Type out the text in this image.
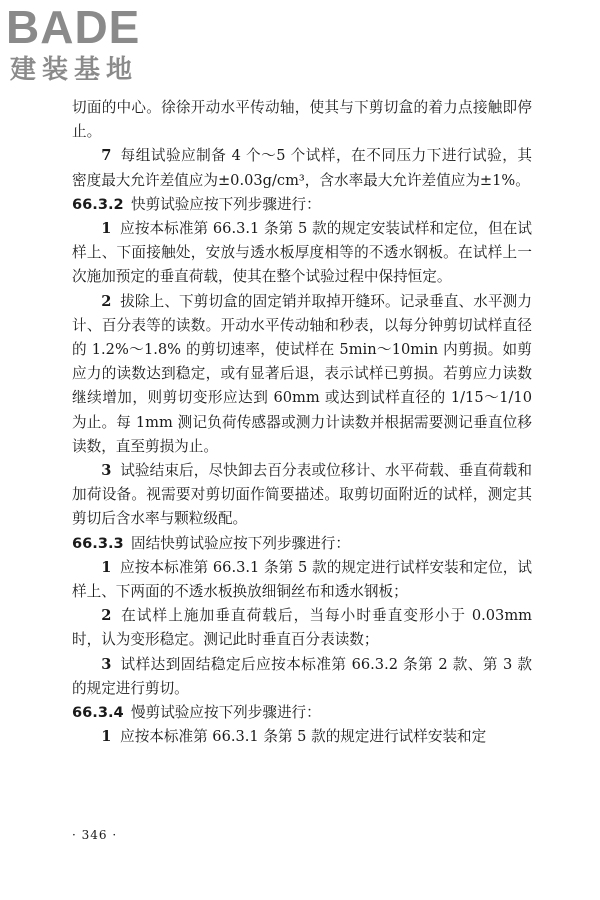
BADE
建装基地

切面的中心。徐徐开动水平传动轴，使其与下剪切盒的着力点接触即停止。

7 每组试验应制备 4 个～5 个试样，在不同压力下进行试验，其密度最大允许差值应为±0.03g/cm³，含水率最大允许差值应为±1%。

66.3.2 快剪试验应按下列步骤进行：

1 应按本标准第 66.3.1 条第 5 款的规定安装试样和定位，但在试样上、下面接触处，安放与透水板厚度相等的不透水钢板。在试样上一次施加预定的垂直荷载，使其在整个试验过程中保持恒定。

2 拔除上、下剪切盒的固定销并取掉开缝环。记录垂直、水平测力计、百分表等的读数。开动水平传动轴和秒表，以每分钟剪切试样直径的 1.2%～1.8% 的剪切速率，使试样在 5min～10min 内剪损。如剪应力的读数达到稳定，或有显著后退，表示试样已剪损。若剪应力读数继续增加，则剪切变形应达到 60mm 或达到试样直径的 1/15～1/10 为止。每 1mm 测记负荷传感器或测力计读数并根据需要测记垂直位移读数，直至剪损为止。

3 试验结束后，尽快卸去百分表或位移计、水平荷载、垂直荷载和加荷设备。视需要对剪切面作简要描述。取剪切面附近的试样，测定其剪切后含水率与颗粒级配。

66.3.3 固结快剪试验应按下列步骤进行：

1 应按本标准第 66.3.1 条第 5 款的规定进行试样安装和定位，试样上、下两面的不透水板换放细铜丝布和透水钢板；

2 在试样上施加垂直荷载后，当每小时垂直变形小于 0.03mm 时，认为变形稳定。测记此时垂直百分表读数；

3 试样达到固结稳定后应按本标准第 66.3.2 条第 2 款、第 3 款的规定进行剪切。

66.3.4 慢剪试验应按下列步骤进行：

1 应按本标准第 66.3.1 条第 5 款的规定进行试样安装和定

· 346 ·
